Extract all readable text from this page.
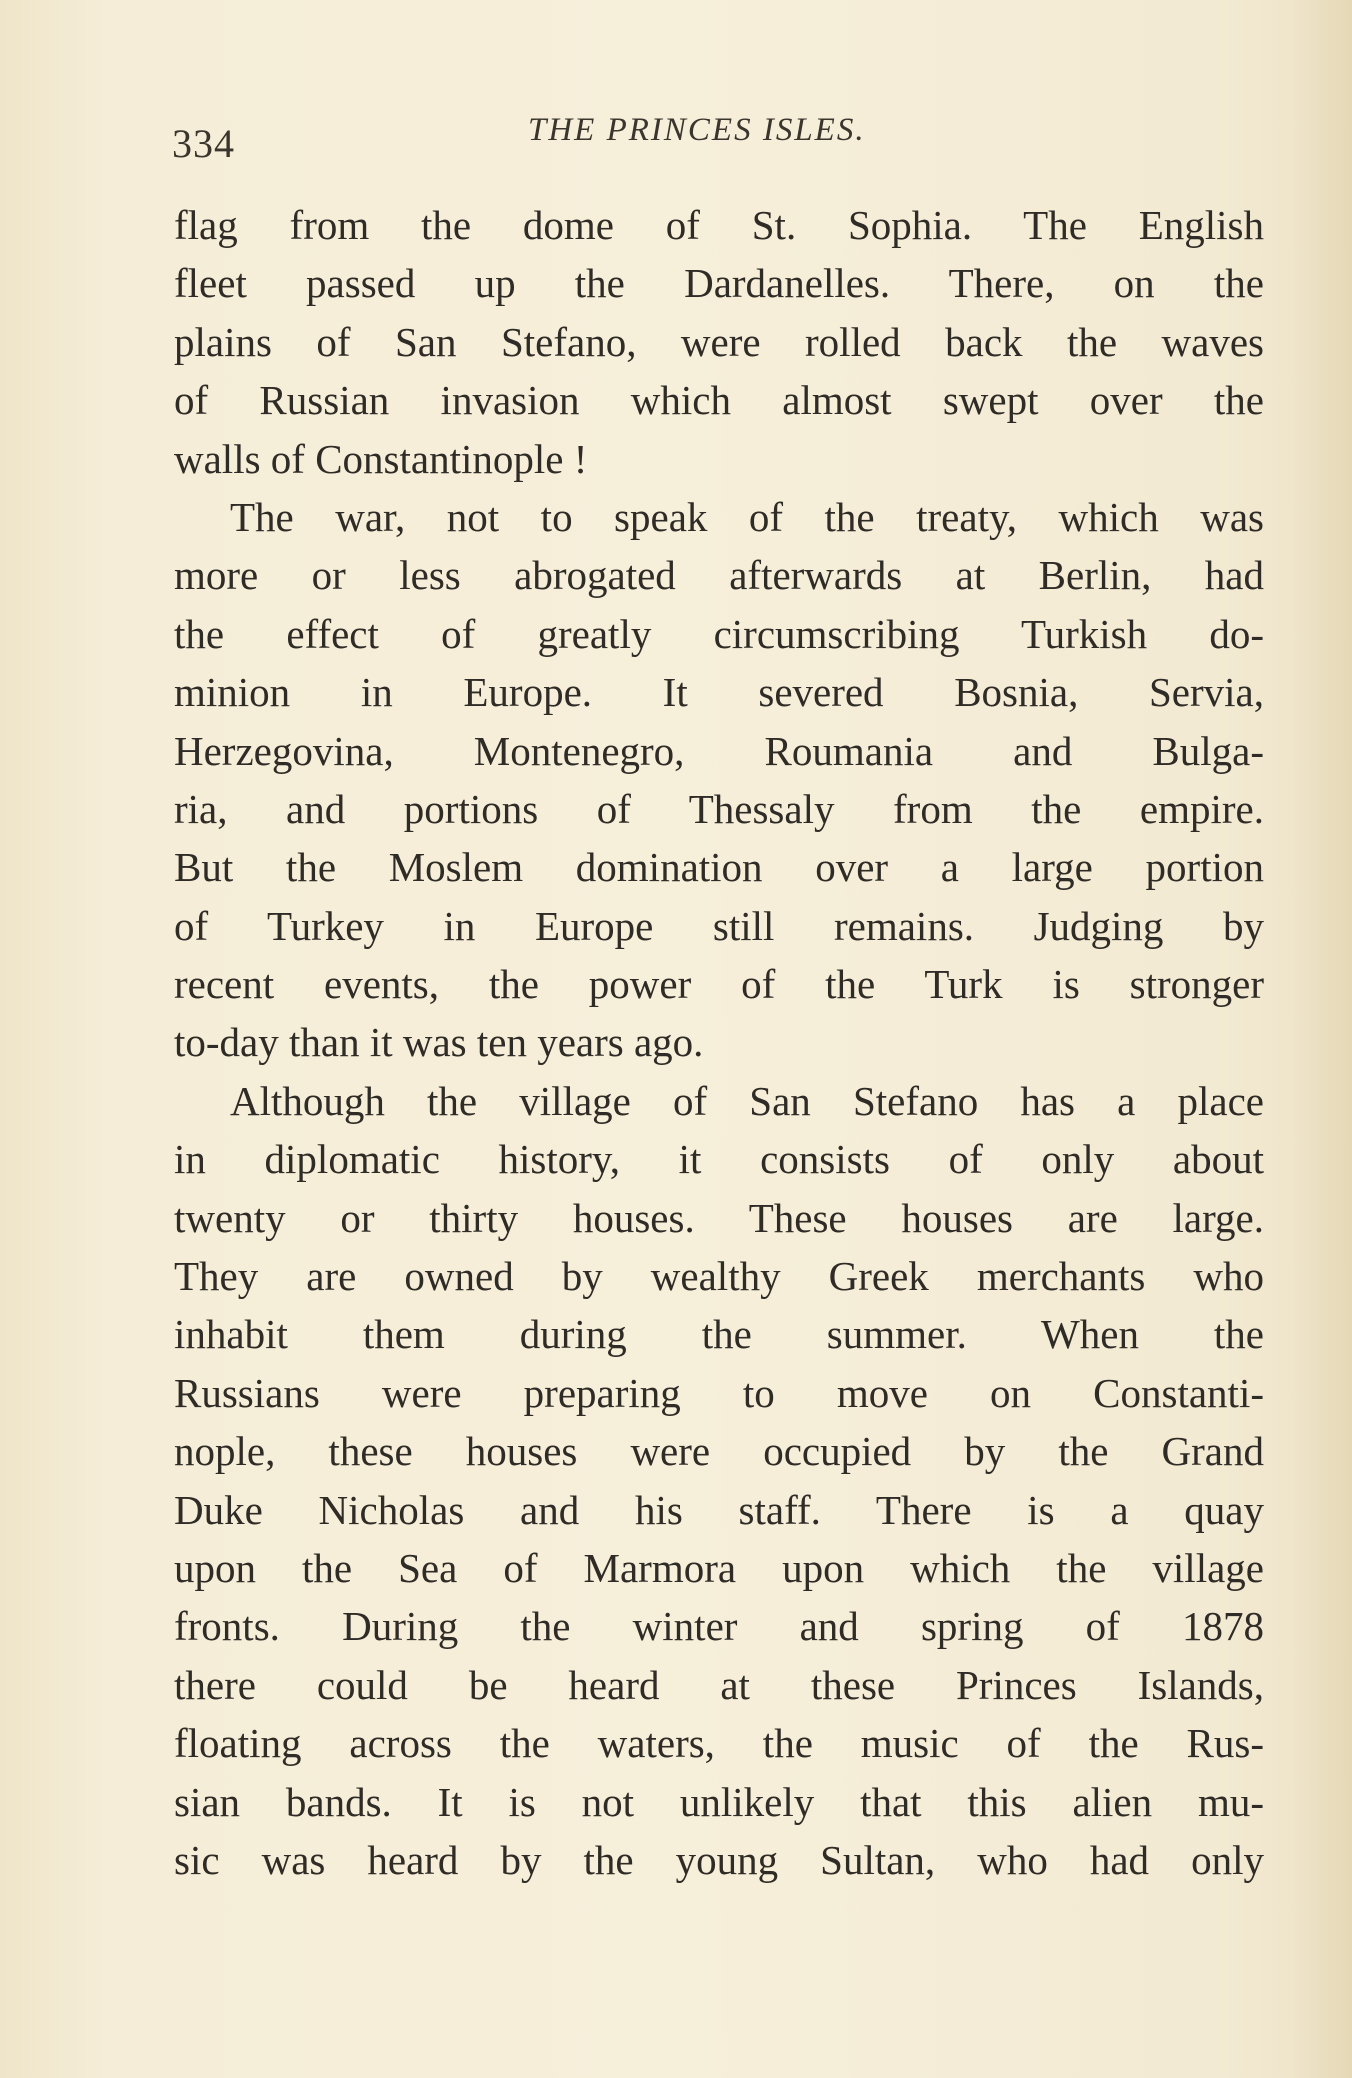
334	THE PRINCES ISLES.
flag from the dome of St. Sophia. The English
fleet passed up the Dardanelles. There, on the
plains of San Stefano, were rolled back the waves
of Russian invasion which almost swept over the
walls of Constantinople !
The war, not to speak of the treaty, which was
more or less abrogated afterwards at Berlin, had
the effect of greatly circumscribing Turkish do-
minion in Europe. It severed Bosnia, Servia,
Herzegovina, Montenegro, Roumania and Bulga-
ria, and portions of Thessaly from the empire.
But the Moslem domination over a large portion
of Turkey in Europe still remains. Judging by
recent events, the power of the Turk is stronger
to-day than it was ten years ago.
Although the village of San Stefano has a place
in diplomatic history, it consists of only about
twenty or thirty houses. These houses are large.
They are owned by wealthy Greek merchants who
inhabit them during the summer. When the
Russians were preparing to move on Constanti-
nople, these houses were occupied by the Grand
Duke Nicholas and his staff. There is a quay
upon the Sea of Marmora upon which the village
fronts. During the winter and spring of 1878
there could be heard at these Princes Islands,
floating across the waters, the music of the Rus-
sian bands. It is not unlikely that this alien mu-
sic was heard by the young Sultan, who had only
